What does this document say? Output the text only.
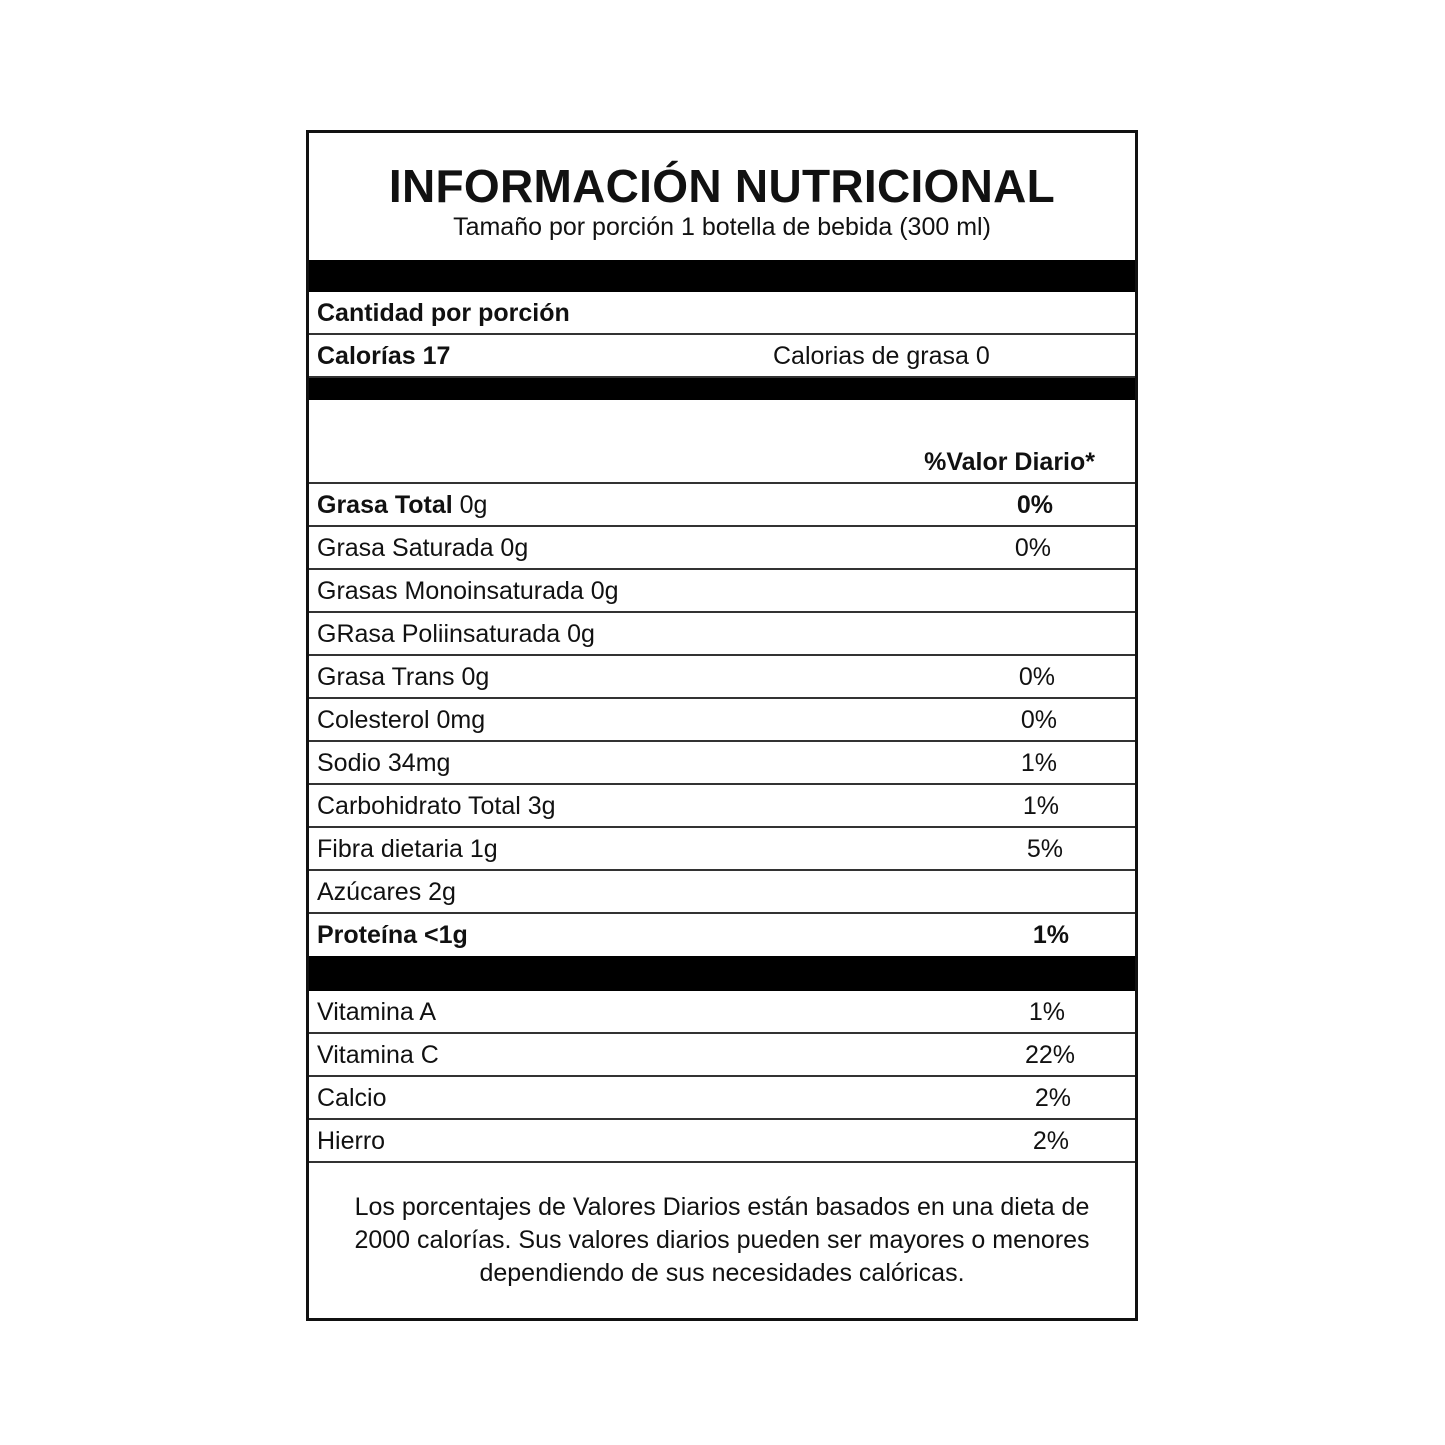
INFORMACIÓN NUTRICIONAL
Tamaño por porción 1 botella de bebida (300 ml)
Cantidad por porción
Calorías 17	Calorias de grasa 0
%Valor Diario*
Grasa Total 0g	0%
Grasa Saturada 0g	0%
Grasas Monoinsaturada 0g
GRasa Poliinsaturada 0g
Grasa Trans 0g	0%
Colesterol 0mg	0%
Sodio 34mg	1%
Carbohidrato Total 3g	1%
Fibra dietaria 1g	5%
Azúcares 2g
Proteína <1g	1%
Vitamina A	1%
Vitamina C	22%
Calcio	2%
Hierro	2%
Los porcentajes de Valores Diarios están basados en una dieta de 2000 calorías. Sus valores diarios pueden ser mayores o menores dependiendo de sus necesidades calóricas.
